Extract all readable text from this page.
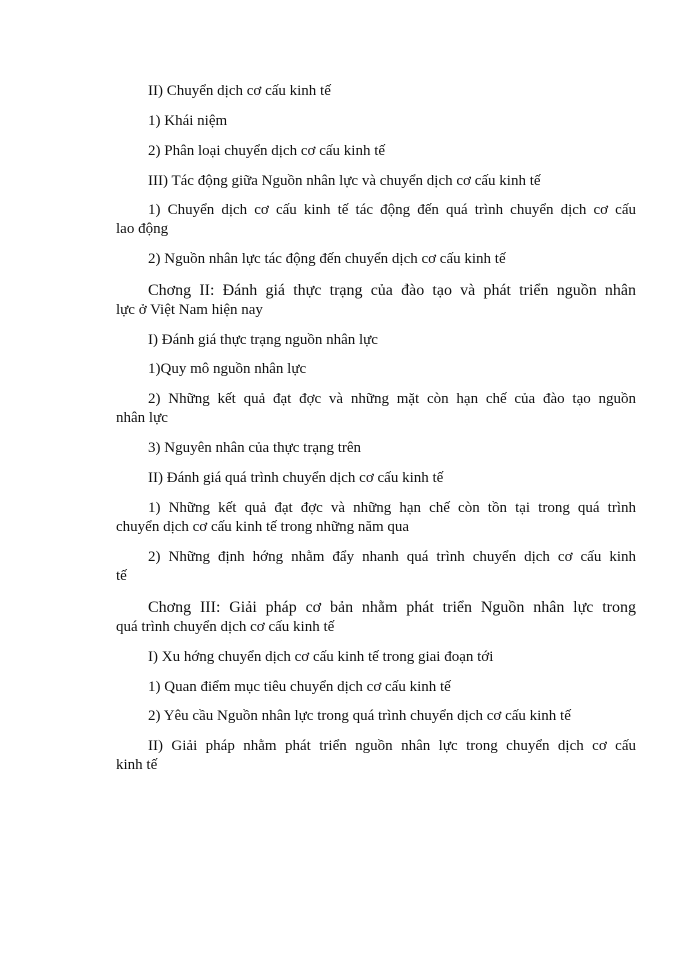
II) Chuyển dịch cơ cấu kinh tế
1) Khái niệm
2) Phân loại chuyển dịch cơ cấu kinh tế
III) Tác động giữa Nguồn nhân lực và chuyển dịch cơ cấu kinh tế
1) Chuyển dịch cơ cấu kinh tế tác động đến quá trình chuyển dịch cơ cấu
lao động
2) Nguồn nhân lực tác động đến chuyển dịch cơ cấu kinh tế
Chơng II: Đánh giá thực trạng của đào tạo và phát triển nguồn nhân
lực ở Việt Nam hiện nay
I) Đánh giá thực trạng nguồn nhân lực
1)Quy mô nguồn nhân lực
2) Những kết quả đạt đợc và những mặt còn hạn chế của đào tạo nguồn
nhân lực
3) Nguyên nhân của thực trạng trên
II) Đánh giá quá trình chuyển dịch cơ cấu kinh tế
1) Những kết quả đạt đợc và những hạn chế còn tồn tại trong quá trình
chuyển dịch cơ cấu kinh tế trong những năm qua
2) Những định hớng nhằm đẩy nhanh quá trình chuyển dịch cơ cấu kinh
tế
Chơng III: Giải pháp cơ bản nhằm phát triển Nguồn nhân lực trong
quá trình chuyển dịch cơ cấu kinh tế
I) Xu hớng chuyển dịch cơ cấu kinh tế trong giai đoạn tới
1) Quan điểm mục tiêu chuyển dịch cơ cấu kinh tế
2) Yêu cầu Nguồn nhân lực trong quá trình chuyển dịch cơ cấu kinh tế
II) Giải pháp nhằm phát triển nguồn nhân lực trong chuyển dịch cơ cấu
kinh tế
